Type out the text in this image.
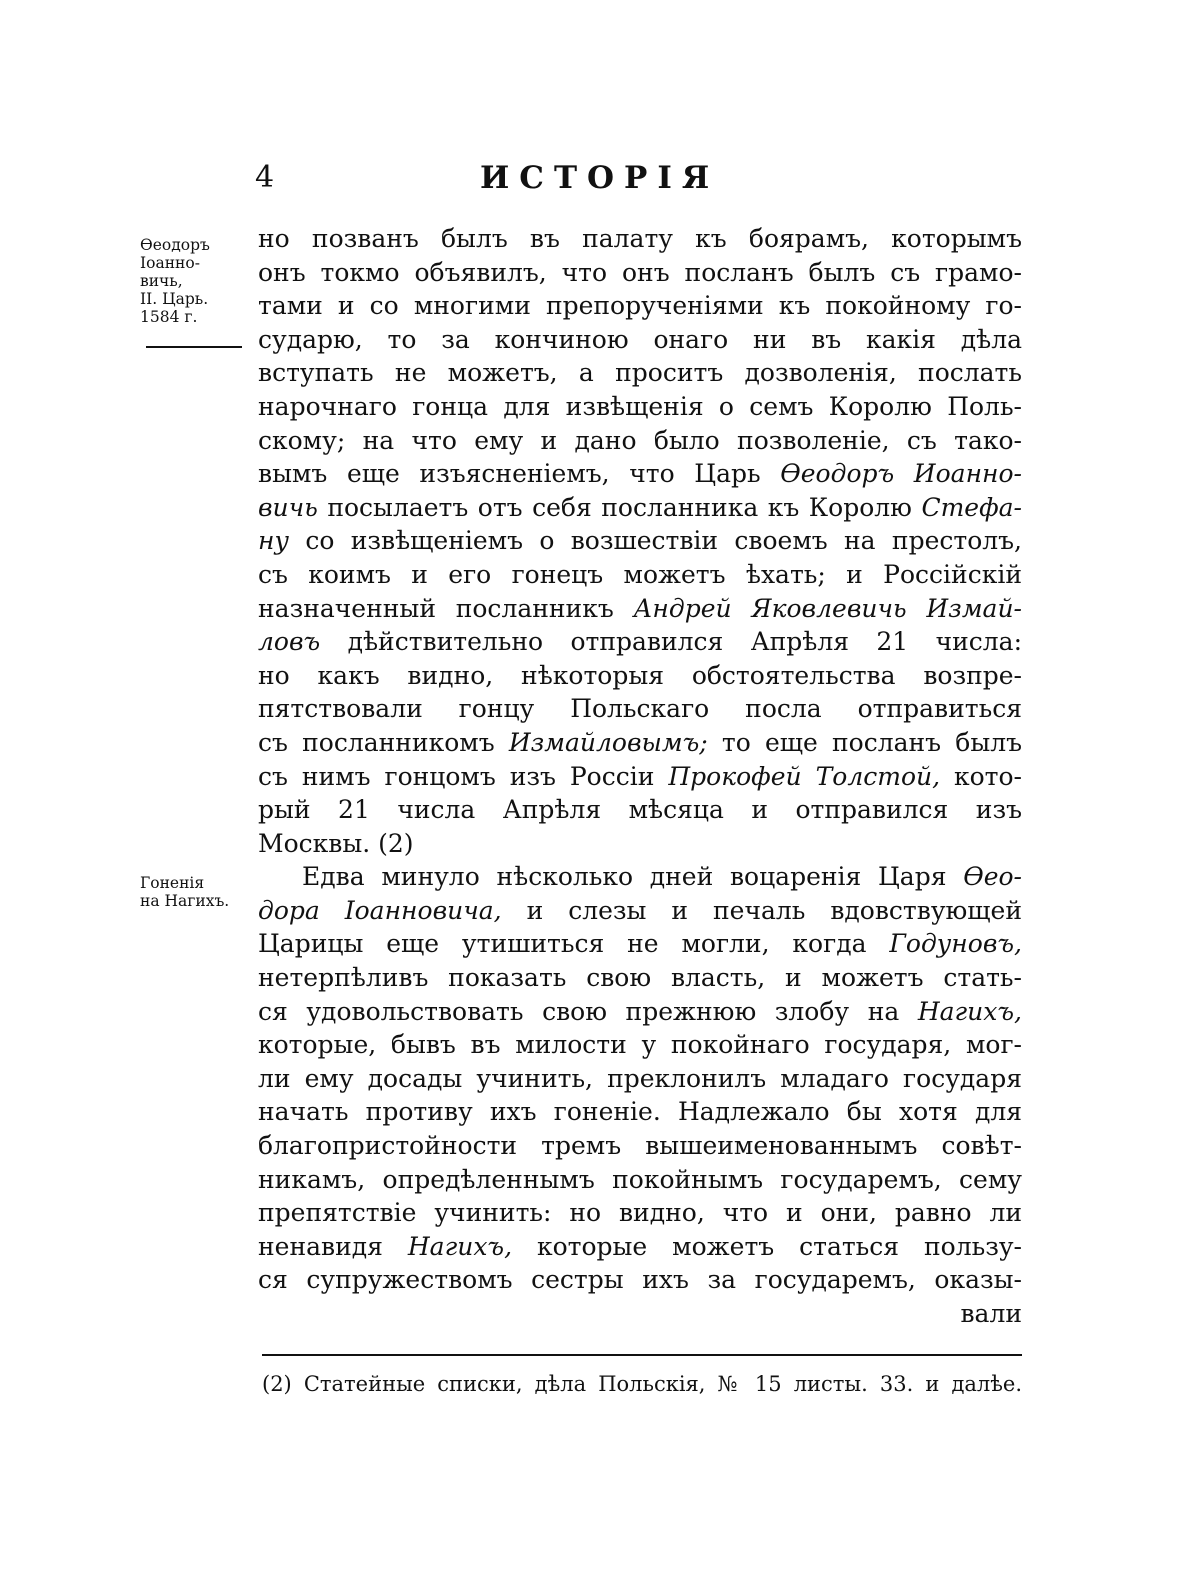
4	ИСТОРІЯ
Ѳеодоръ
Іоанно-
вичь,
II. Царь.
1584 г.
Гоненія
на Нагихъ.
но позванъ былъ въ палату къ боярамъ, которымъ
онъ токмо объявилъ, что онъ посланъ былъ съ грамо-
тами и со многими препорученіями къ покойному го-
сударю, то за кончиною онаго ни въ какія дѣла
вступать не можетъ, а проситъ дозволенія, послать
нарочнаго гонца для извѣщенія о семъ Королю Поль-
скому; на что ему и дано было позволеніе, съ тако-
вымъ еще изъясненіемъ, что Царь Ѳеодоръ Иоанно-
вичь посылаетъ отъ себя посланника къ Королю Стефа-
ну со извѣщеніемъ о возшествіи своемъ на престолъ,
съ коимъ и его гонецъ можетъ ѣхать; и Россійскій
назначенный посланникъ Андрей Яковлевичь Измай-
ловъ дѣйствительно отправился Апрѣля 21 числа:
но какъ видно, нѣкоторыя обстоятельства возпре-
пятствовали гонцу Польскаго посла отправиться
съ посланникомъ Измайловымъ; то еще посланъ былъ
съ нимъ гонцомъ изъ Россіи Прокофей Толстой, кото-
рый 21 числа Апрѣля мѣсяца и отправился изъ
Москвы. (2)
Едва минуло нѣсколько дней воцаренія Царя Ѳео-
дора Іоанновича, и слезы и печаль вдовствующей
Царицы еще утишиться не могли, когда Годуновъ,
нетерпѣливъ показать свою власть, и можетъ стать-
ся удовольствовать свою прежнюю злобу на Нагихъ,
которые, бывъ въ милости у покойнаго государя, мог-
ли ему досады учинить, преклонилъ младаго государя
начать противу ихъ гоненіе. Надлежало бы хотя для
благопристойности тремъ вышеименованнымъ совѣт-
никамъ, опредѣленнымъ покойнымъ государемъ, сему
препятствіе учинить: но видно, что и они, равно ли
ненавидя Нагихъ, которые можетъ статься пользу-
ся супружествомъ сестры ихъ за государемъ, оказы-
вали
(2) Статейные списки, дѣла Польскія, № 15 листы. 33. и далѣе.
